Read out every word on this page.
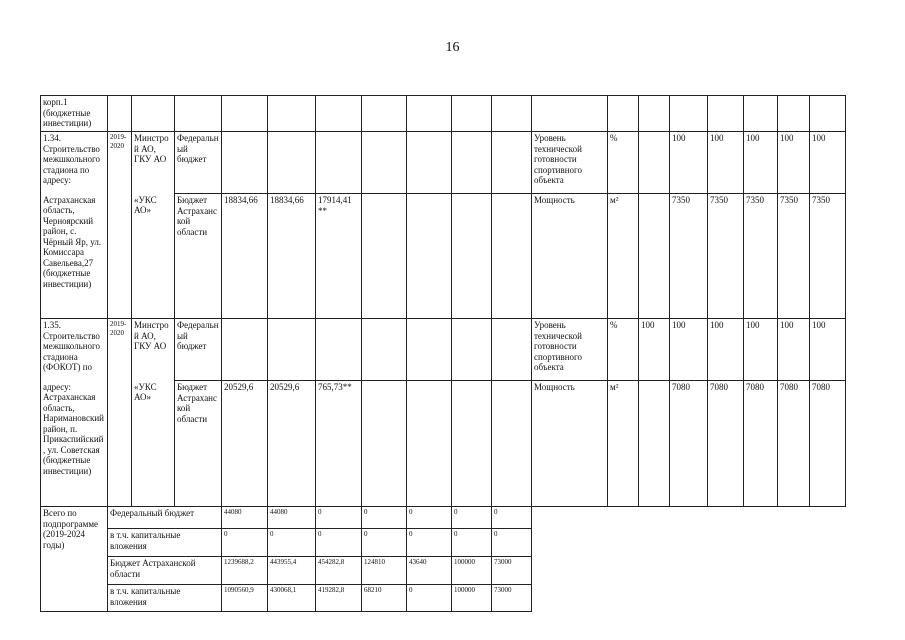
16
корп.1 (бюджетные инвестиции)																		
1.34. Строительство межшкольного стадиона по адресу:	2019-2020	Минстрой АО, ГКУ АО	Федеральный бюджет								Уровень технической готовности спортивного объекта	%		100	100	100	100	100
Астраханская область, Черноярский район, с. Чёрный Яр, ул. Комиссара Савельева,27 (бюджетные инвестиции)		«УКС АО»	Бюджет Астраханской области	18834,66	18834,66	17914,41 **					Мощность	м²		7350	7350	7350	7350	7350
1.35. Строительство межшкольного стадиона (ФОКОТ) по	2019-2020	Минстрой АО, ГКУ АО	Федеральный бюджет								Уровень технической готовности спортивного объекта	%	100	100	100	100	100	100
адресу: Астраханская область, Наримановский район, п. Прикаспийский, ул. Советская (бюджетные инвестиции)		«УКС АО»	Бюджет Астраханской области	20529,6	20529,6	765,73**					Мощность	м²		7080	7080	7080	7080	7080
Всего по подпрограмме (2019-2024 годы)	Федеральный бюджет			44080	44080	0	0	0	0	0								
	в т.ч. капитальные вложения			0	0	0	0	0	0	0								
	Бюджет Астраханской области			1239688,2	443955,4	454282,8	124810	43640	100000	73000								
	в т.ч. капитальные вложения			1090560,9	430068,1	419282,8	68210	0	100000	73000								
